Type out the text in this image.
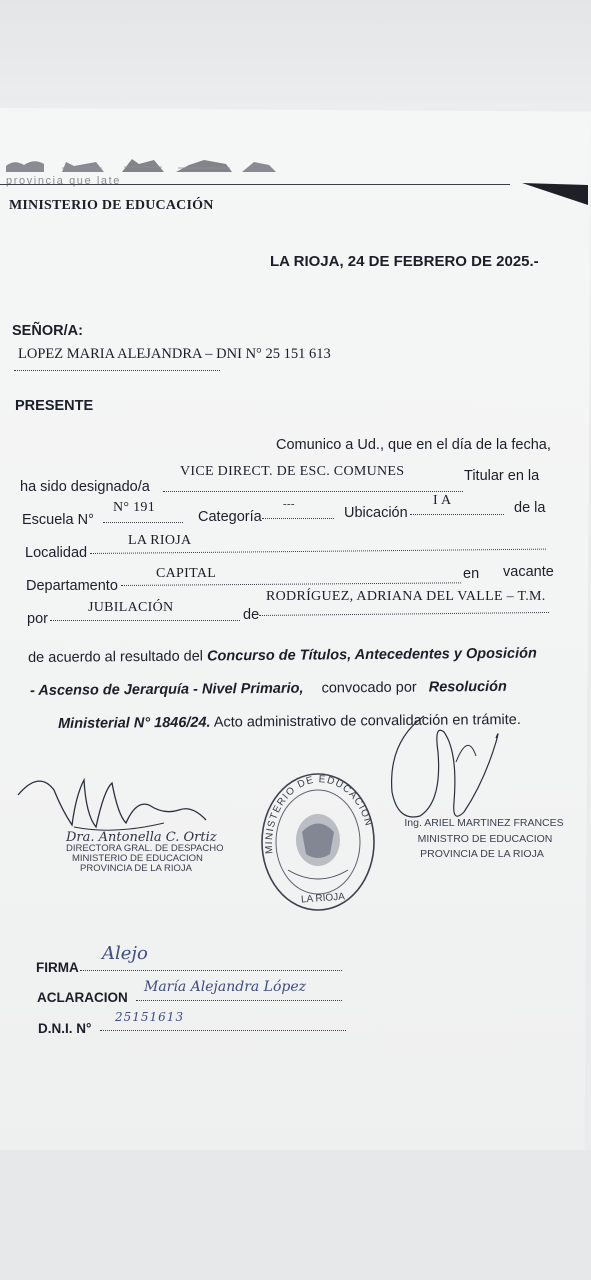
provincia que late
MINISTERIO DE EDUCACIÓN
LA RIOJA, 24 DE FEBRERO DE 2025.-
SEÑOR/A:
LOPEZ MARIA ALEJANDRA – DNI N° 25 151 613
PRESENTE
Comunico a Ud., que en el día de la fecha,
ha sido designado/a
VICE DIRECT. DE ESC. COMUNES	Titular en la
Escuela N°
N° 191
Categoría
---
Ubicación
I A	de la
Localidad
LA RIOJA
Departamento
CAPITAL	en vacante
por
JUBILACIÓN	de
RODRÍGUEZ, ADRIANA DEL VALLE – T.M.
de acuerdo al resultado del Concurso de Títulos, Antecedentes y Oposición
- Ascenso de Jerarquía - Nivel Primario, convocado por Resolución
Ministerial N° 1846/24. Acto administrativo de convalidación en trámite.
Dra. Antonella C. Ortiz
DIRECTORA GRAL. DE DESPACHO
MINISTERIO DE EDUCACION
PROVINCIA DE LA RIOJA
LA RIOJA
MINISTERIO DE EDUCACION	Ing. ARIEL MARTINEZ FRANCES
MINISTRO DE EDUCACION
PROVINCIA DE LA RIOJA
FIRMA
Alejo
ACLARACION
María Alejandra López
D.N.I. N°
25151613
